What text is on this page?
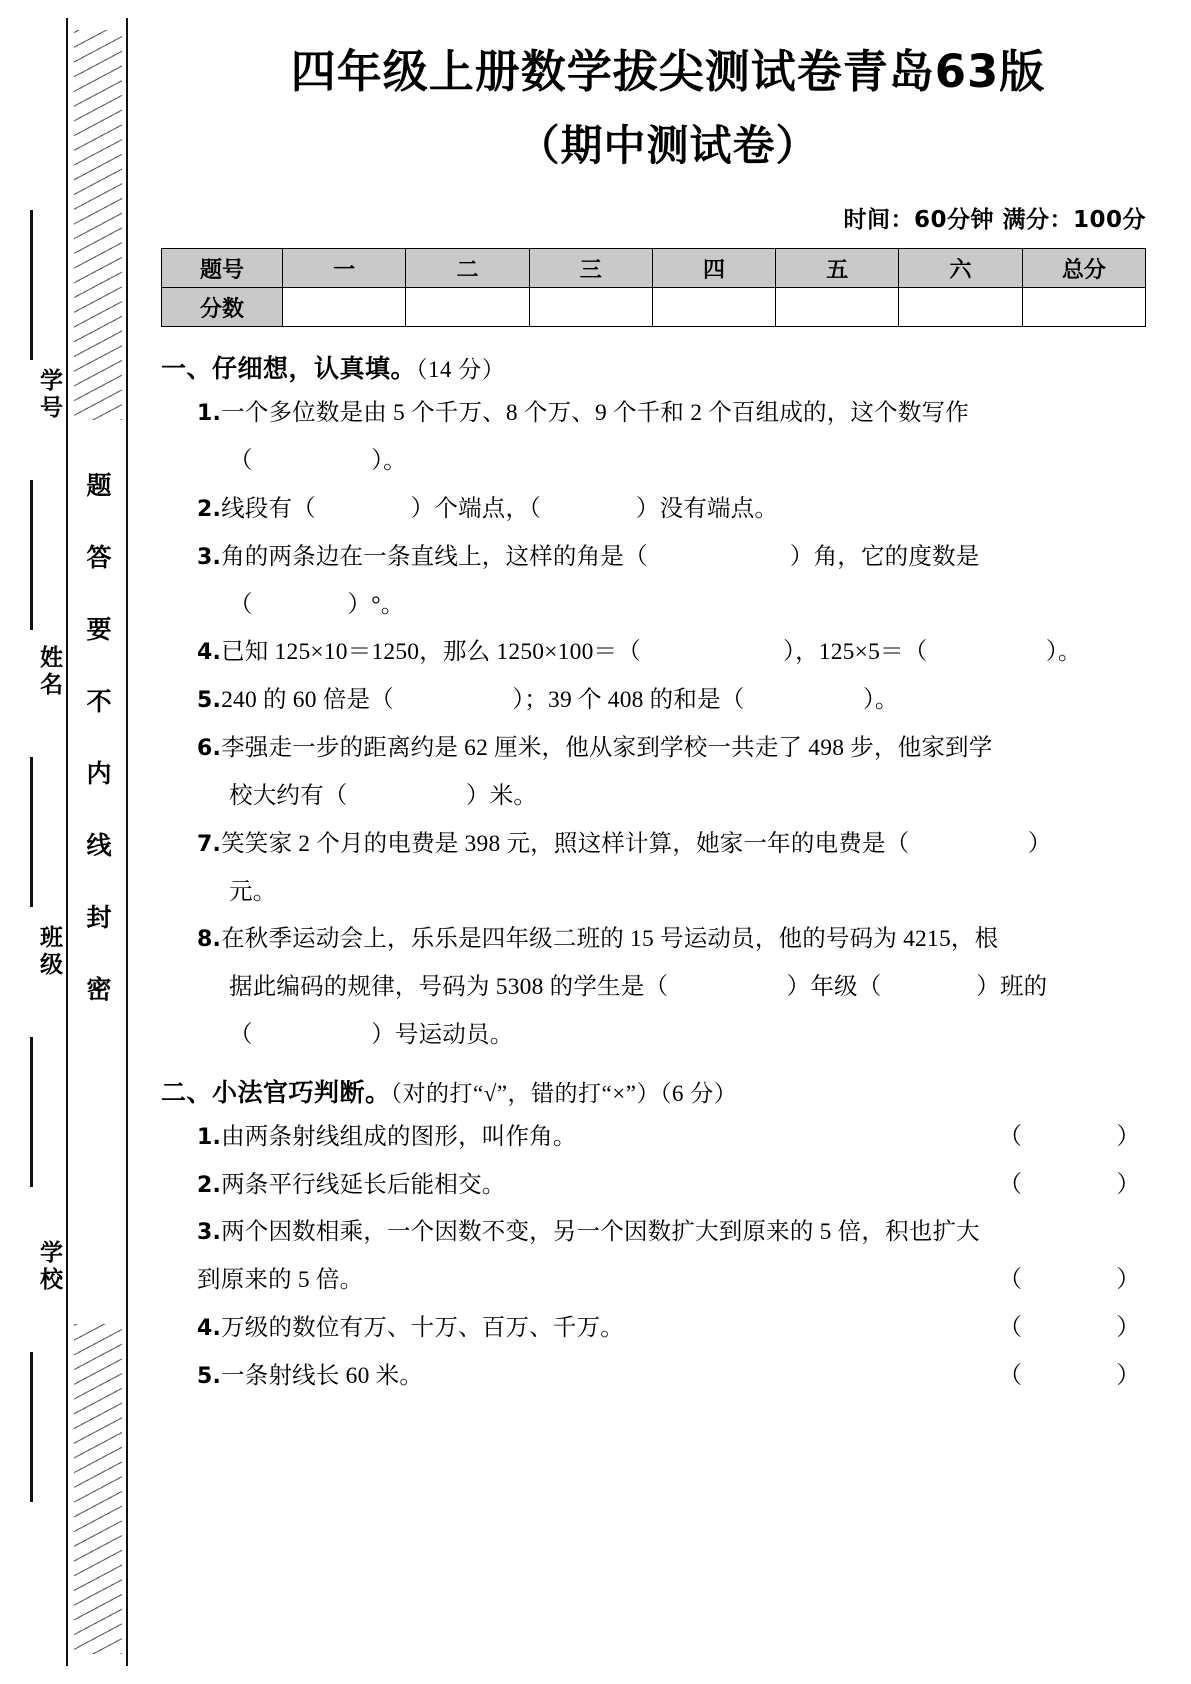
学号
姓名
班级
学校
题
答
要
不
内
线
封
密
四年级上册数学拔尖测试卷青岛63版
（期中测试卷）

时间：60分钟 满分：100分

题号	一	二	三	四	五	六	总分
分数							

一、仔细想，认真填。（14 分）

1.一个多位数是由 5 个千万、8 个万、9 个千和 2 个百组成的，这个数写作

（　　　　　）。

2.线段有（　　　　）个端点，（　　　　）没有端点。

3.角的两条边在一条直线上，这样的角是（　　　　　　）角，它的度数是

（　　　　）°。

4.已知 125×10＝1250，那么 1250×100＝（　　　　　　），125×5＝（　　　　　）。

5.240 的 60 倍是（　　　　　）；39 个 408 的和是（　　　　　）。

6.李强走一步的距离约是 62 厘米，他从家到学校一共走了 498 步，他家到学

校大约有（　　　　　）米。

7.笑笑家 2 个月的电费是 398 元，照这样计算，她家一年的电费是（　　　　　）

元。

8.在秋季运动会上，乐乐是四年级二班的 15 号运动员，他的号码为 4215，根

据此编码的规律，号码为 5308 的学生是（　　　　　）年级（　　　　）班的

（　　　　　）号运动员。

二、小法官巧判断。（对的打“√”，错的打“×”）（6 分）

1.由两条射线组成的图形，叫作角。	（　　　）
2.两条平行线延长后能相交。	（　　　）

3.两个因数相乘，一个因数不变，另一个因数扩大到原来的 5 倍，积也扩大

到原来的 5 倍。	（　　　）
4.万级的数位有万、十万、百万、千万。	（　　　）
5.一条射线长 60 米。	（　　　）
